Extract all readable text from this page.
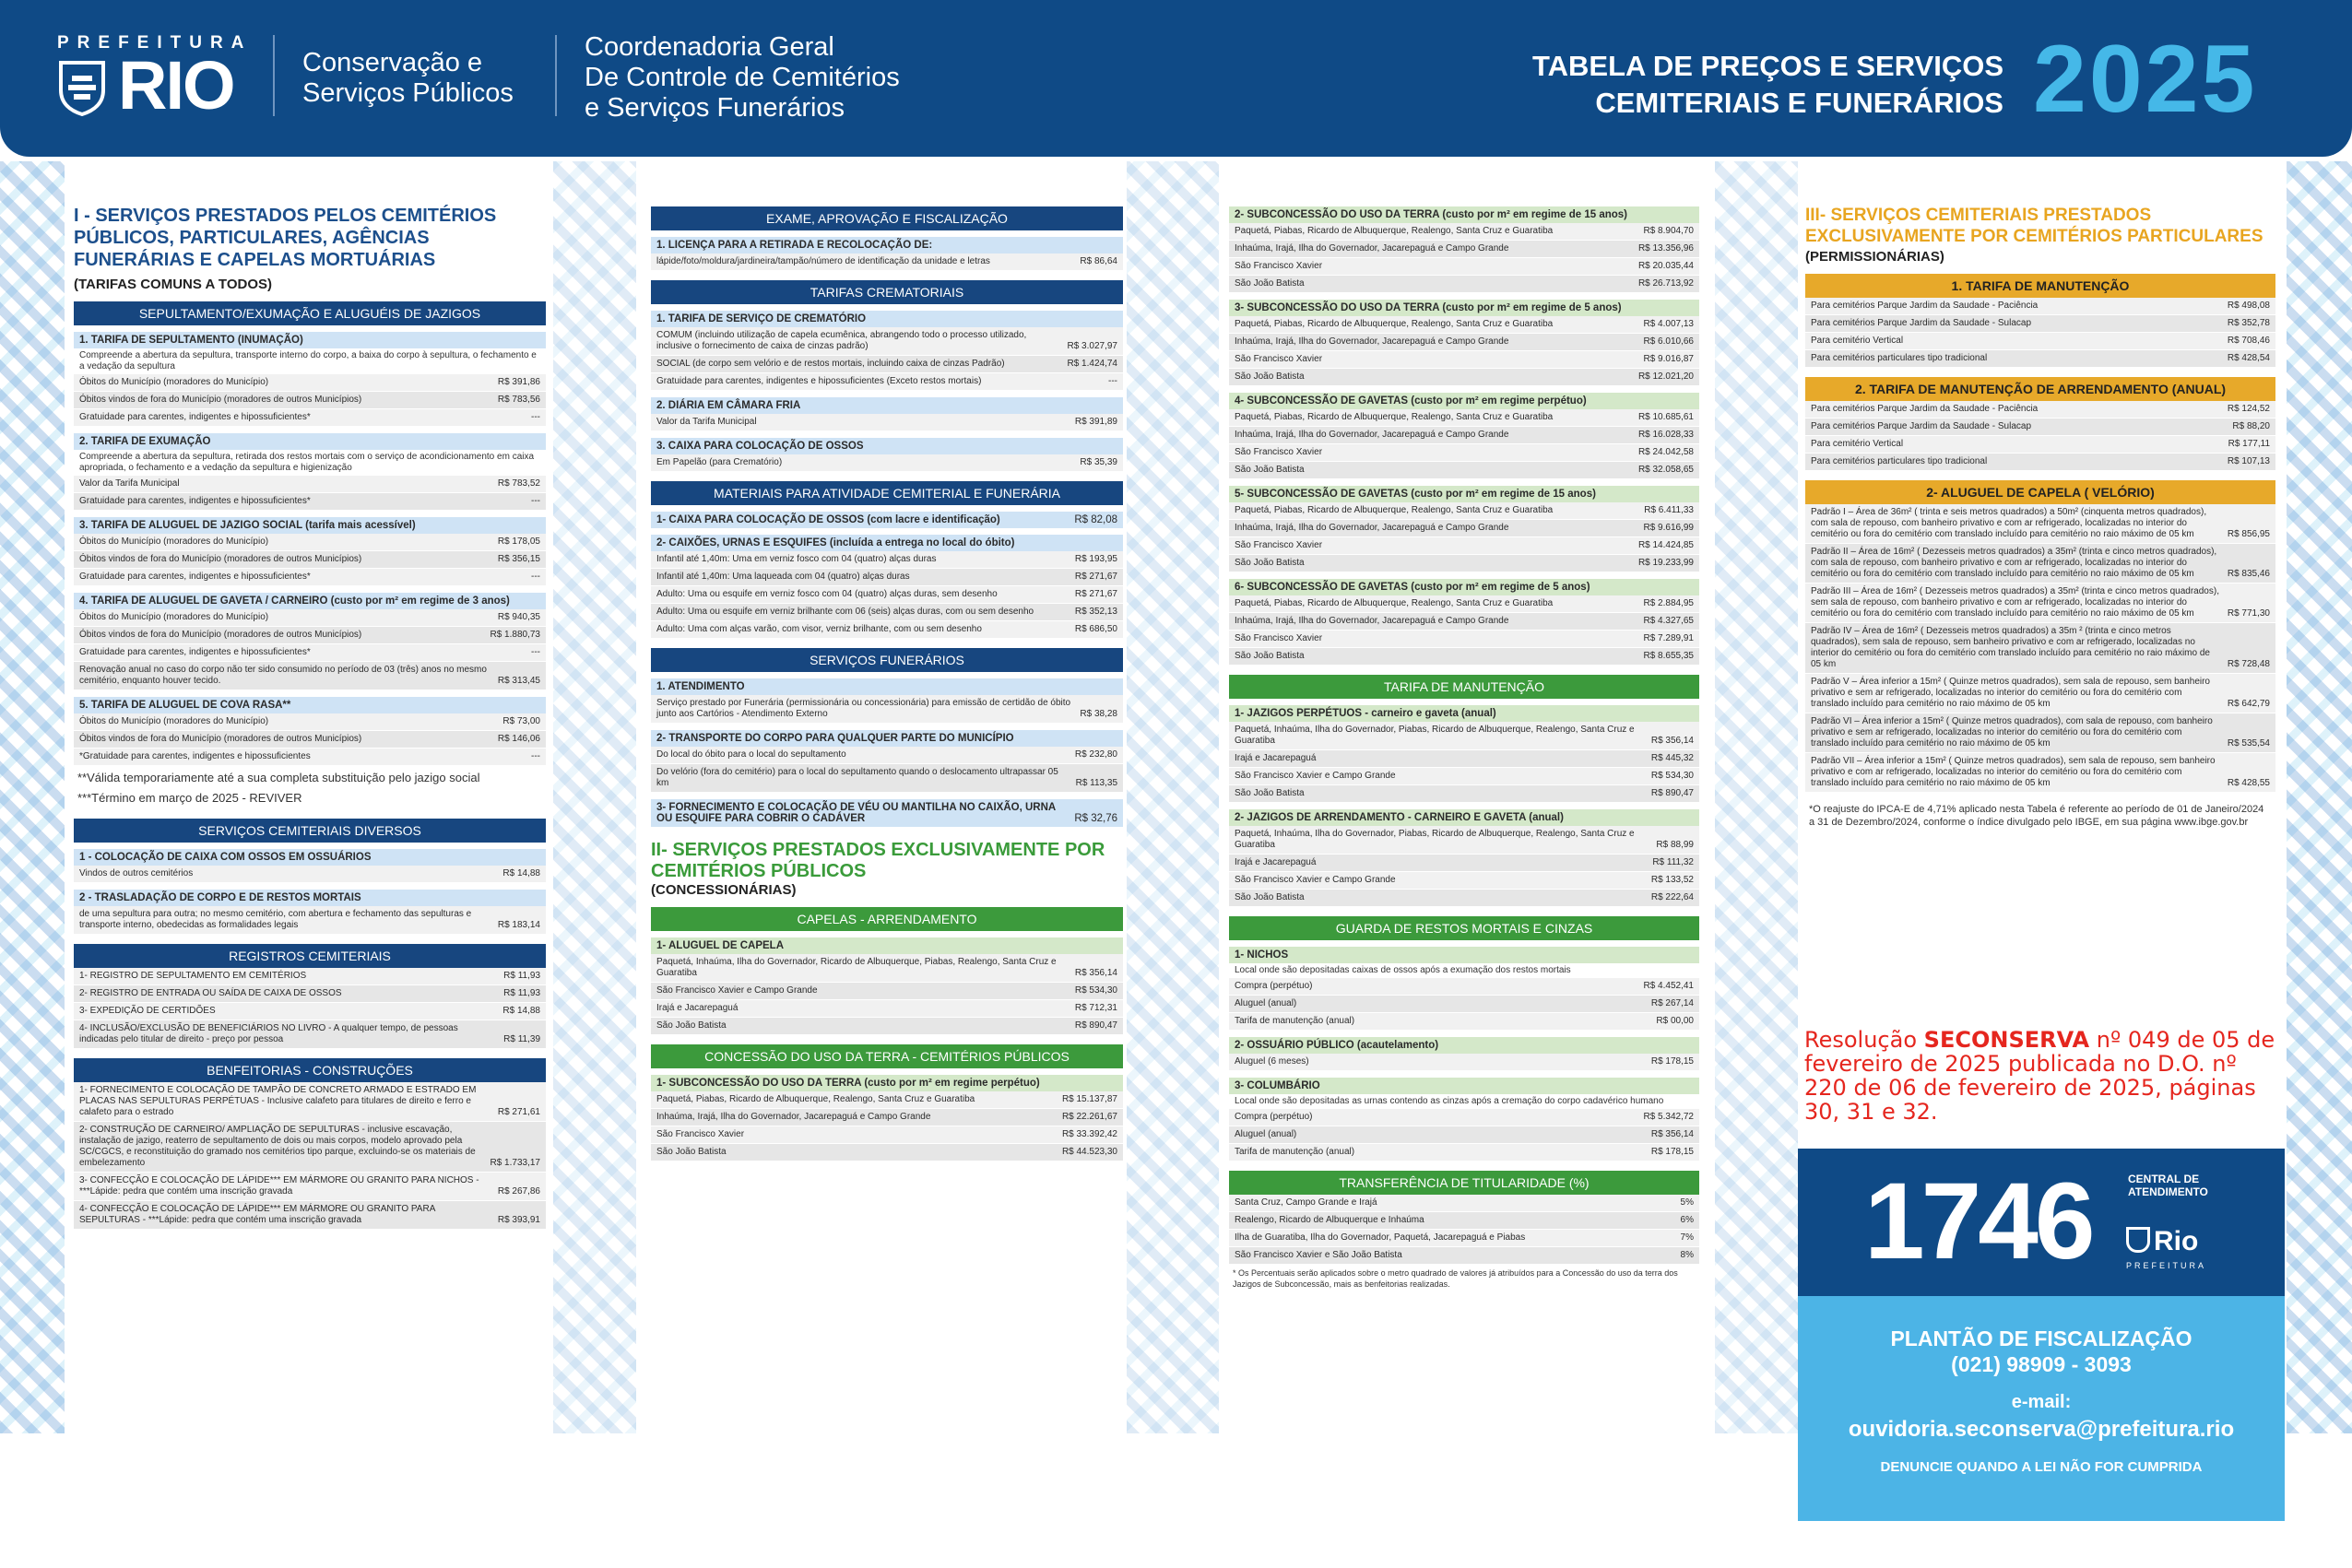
PREFEITURA
RIO	Conservação e
Serviços Públicos
Coordenadoria Geral
De Controle de Cemitérios
e Serviços Funerários
TABELA DE PREÇOS E SERVIÇOS
CEMITERIAIS E FUNERÁRIOS 2025
I - SERVIÇOS PRESTADOS PELOS CEMITÉRIOS PÚBLICOS, PARTICULARES, AGÊNCIAS FUNERÁRIAS E CAPELAS MORTUÁRIAS
(TARIFAS COMUNS A TODOS)
SEPULTAMENTO/EXUMAÇÃO E ALUGUÉIS DE JAZIGOS
1. TARIFA DE SEPULTAMENTO (INUMAÇÃO)
Compreende a abertura da sepultura, transporte interno do corpo, a baixa do corpo à sepultura, o fechamento e a vedação da sepultura
Óbitos do Município (moradores do Município)	R$ 391,86
Óbitos vindos de fora do Município (moradores de outros Municípios)	R$ 783,56
Gratuidade para carentes, indigentes e hipossuficientes*	---
2. TARIFA DE EXUMAÇÃO
Compreende a abertura da sepultura, retirada dos restos mortais com o serviço de acondicionamento em caixa apropriada, o fechamento e a vedação da sepultura e higienização
Valor da Tarifa Municipal	R$ 783,52
Gratuidade para carentes, indigentes e hipossuficientes*	---
3. TARIFA DE ALUGUEL DE JAZIGO SOCIAL (tarifa mais acessível)
Óbitos do Município (moradores do Município)	R$ 178,05
Óbitos vindos de fora do Município (moradores de outros Municípios)	R$ 356,15
Gratuidade para carentes, indigentes e hipossuficientes*	---
4. TARIFA DE ALUGUEL DE GAVETA / CARNEIRO (custo por m² em regime de 3 anos)
Óbitos do Município (moradores do Município)	R$ 940,35
Óbitos vindos de fora do Município (moradores de outros Municípios)	R$ 1.880,73
Gratuidade para carentes, indigentes e hipossuficientes*	---
Renovação anual no caso do corpo não ter sido consumido no período de 03 (três) anos no mesmo cemitério, enquanto houver tecido.	R$ 313,45
5. TARIFA DE ALUGUEL DE COVA RASA**
Óbitos do Município (moradores do Município)	R$ 73,00
Óbitos vindos de fora do Município (moradores de outros Municípios)	R$ 146,06
*Gratuidade para carentes, indigentes e hipossuficientes	---
**Válida temporariamente até a sua completa substituição pelo jazigo social
***Término em março de 2025 - REVIVER
SERVIÇOS CEMITERIAIS DIVERSOS
1 - COLOCAÇÃO DE CAIXA COM OSSOS EM OSSUÁRIOS
Vindos de outros cemitérios	R$ 14,88
2 - TRASLADAÇÃO DE CORPO E DE RESTOS MORTAIS
de uma sepultura para outra; no mesmo cemitério, com abertura e fechamento das sepulturas e transporte interno, obedecidas as formalidades legais	R$ 183,14
REGISTROS CEMITERIAIS
1- REGISTRO DE SEPULTAMENTO EM CEMITÉRIOS	R$ 11,93
2- REGISTRO DE ENTRADA OU SAÍDA DE CAIXA DE OSSOS	R$ 11,93
3- EXPEDIÇÃO DE CERTIDÕES	R$ 14,88
4- INCLUSÃO/EXCLUSÃO DE BENEFICIÁRIOS NO LIVRO - A qualquer tempo, de pessoas indicadas pelo titular de direito - preço por pessoa	R$ 11,39
BENFEITORIAS - CONSTRUÇÕES
1- FORNECIMENTO E COLOCAÇÃO DE TAMPÃO DE CONCRETO ARMADO E ESTRADO EM PLACAS NAS SEPULTURAS PERPÉTUAS - Inclusive calafeto para titulares de direito e ferro e calafeto para o estrado	R$ 271,61
2- CONSTRUÇÃO DE CARNEIRO/ AMPLIAÇÃO DE SEPULTURAS - inclusive escavação, instalação de jazigo, reaterro de sepultamento de dois ou mais corpos, modelo aprovado pela SC/CGCS, e reconstituição do gramado nos cemitérios tipo parque, excluindo-se os materiais de embelezamento	R$ 1.733,17
3- CONFECÇÃO E COLOCAÇÃO DE LÁPIDE*** EM MÁRMORE OU GRANITO PARA NICHOS - ***Lápide: pedra que contém uma inscrição gravada	R$ 267,86
4- CONFECÇÃO E COLOCAÇÃO DE LÁPIDE*** EM MÁRMORE OU GRANITO PARA SEPULTURAS - ***Lápide: pedra que contém uma inscrição gravada	R$ 393,91
EXAME, APROVAÇÃO E FISCALIZAÇÃO
1. LICENÇA PARA A RETIRADA E RECOLOCAÇÃO DE:
lápide/foto/moldura/jardineira/tampão/número de identificação da unidade e letras	R$ 86,64
TARIFAS CREMATORIAIS
1. TARIFA DE SERVIÇO DE CREMATÓRIO
COMUM (incluindo utilização de capela ecumênica, abrangendo todo o processo utilizado, inclusive o fornecimento de caixa de cinzas padrão)	R$ 3.027,97
SOCIAL (de corpo sem velório e de restos mortais, incluindo caixa de cinzas Padrão)	R$ 1.424,74
Gratuidade para carentes, indigentes e hipossuficientes (Exceto restos mortais)	---
2. DIÁRIA EM CÂMARA FRIA
Valor da Tarifa Municipal	R$ 391,89
3. CAIXA PARA COLOCAÇÃO DE OSSOS
Em Papelão (para Crematório)	R$ 35,39
MATERIAIS PARA ATIVIDADE CEMITERIAL E FUNERÁRIA
1- CAIXA PARA COLOCAÇÃO DE OSSOS (com lacre e identificação)	R$ 82,08
2- CAIXÕES, URNAS E ESQUIFES (incluída a entrega no local do óbito)
Infantil até 1,40m: Uma em verniz fosco com 04 (quatro) alças duras	R$ 193,95
Infantil até 1,40m: Uma laqueada com 04 (quatro) alças duras	R$ 271,67
Adulto: Uma ou esquife em verniz fosco com 04 (quatro) alças duras, sem desenho	R$ 271,67
Adulto: Uma ou esquife em verniz brilhante com 06 (seis) alças duras, com ou sem desenho	R$ 352,13
Adulto: Uma com alças varão, com visor, verniz brilhante, com ou sem desenho	R$ 686,50
SERVIÇOS FUNERÁRIOS
1. ATENDIMENTO
Serviço prestado por Funerária (permissionária ou concessionária) para emissão de certidão de óbito junto aos Cartórios - Atendimento Externo	R$ 38,28
2- TRANSPORTE DO CORPO PARA QUALQUER PARTE DO MUNICÍPIO
Do local do óbito para o local do sepultamento	R$ 232,80
Do velório (fora do cemitério) para o local do sepultamento quando o deslocamento ultrapassar 05 km	R$ 113,35
3- FORNECIMENTO E COLOCAÇÃO DE VÉU OU MANTILHA NO CAIXÃO, URNA OU ESQUIFE PARA COBRIR O CADÁVER	R$ 32,76
II- SERVIÇOS PRESTADOS EXCLUSIVAMENTE POR CEMITÉRIOS PÚBLICOS
(CONCESSIONÁRIAS)
CAPELAS - ARRENDAMENTO
1- ALUGUEL DE CAPELA
Paquetá, Inhaúma, Ilha do Governador, Ricardo de Albuquerque, Piabas, Realengo, Santa Cruz e Guaratiba	R$ 356,14
São Francisco Xavier e Campo Grande	R$ 534,30
Irajá e Jacarepaguá	R$ 712,31
São João Batista	R$ 890,47
CONCESSÃO DO USO DA TERRA - CEMITÉRIOS PÚBLICOS
1- SUBCONCESSÃO DO USO DA TERRA (custo por m² em regime perpétuo)
Paquetá, Piabas, Ricardo de Albuquerque, Realengo, Santa Cruz e Guaratiba	R$ 15.137,87
Inhaúma, Irajá, Ilha do Governador, Jacarepaguá e Campo Grande	R$ 22.261,67
São Francisco Xavier	R$ 33.392,42
São João Batista	R$ 44.523,30
2- SUBCONCESSÃO DO USO DA TERRA (custo por m² em regime de 15 anos)
Paquetá, Piabas, Ricardo de Albuquerque, Realengo, Santa Cruz e Guaratiba	R$ 8.904,70
Inhaúma, Irajá, Ilha do Governador, Jacarepaguá e Campo Grande	R$ 13.356,96
São Francisco Xavier	R$ 20.035,44
São João Batista	R$ 26.713,92
3- SUBCONCESSÃO DO USO DA TERRA (custo por m² em regime de 5 anos)
Paquetá, Piabas, Ricardo de Albuquerque, Realengo, Santa Cruz e Guaratiba	R$ 4.007,13
Inhaúma, Irajá, Ilha do Governador, Jacarepaguá e Campo Grande	R$ 6.010,66
São Francisco Xavier	R$ 9.016,87
São João Batista	R$ 12.021,20
4- SUBCONCESSÃO DE GAVETAS (custo por m² em regime perpétuo)
Paquetá, Piabas, Ricardo de Albuquerque, Realengo, Santa Cruz e Guaratiba	R$ 10.685,61
Inhaúma, Irajá, Ilha do Governador, Jacarepaguá e Campo Grande	R$ 16.028,33
São Francisco Xavier	R$ 24.042,58
São João Batista	R$ 32.058,65
5- SUBCONCESSÃO DE GAVETAS (custo por m² em regime de 15 anos)
Paquetá, Piabas, Ricardo de Albuquerque, Realengo, Santa Cruz e Guaratiba	R$ 6.411,33
Inhaúma, Irajá, Ilha do Governador, Jacarepaguá e Campo Grande	R$ 9.616,99
São Francisco Xavier	R$ 14.424,85
São João Batista	R$ 19.233,99
6- SUBCONCESSÃO DE GAVETAS (custo por m² em regime de 5 anos)
Paquetá, Piabas, Ricardo de Albuquerque, Realengo, Santa Cruz e Guaratiba	R$ 2.884,95
Inhaúma, Irajá, Ilha do Governador, Jacarepaguá e Campo Grande	R$ 4.327,65
São Francisco Xavier	R$ 7.289,91
São João Batista	R$ 8.655,35
TARIFA DE MANUTENÇÃO
1- JAZIGOS PERPÉTUOS - carneiro e gaveta (anual)
Paquetá, Inhaúma, Ilha do Governador, Piabas, Ricardo de Albuquerque, Realengo, Santa Cruz e Guaratiba	R$ 356,14
Irajá e Jacarepaguá	R$ 445,32
São Francisco Xavier e Campo Grande	R$ 534,30
São João Batista	R$ 890,47
2- JAZIGOS DE ARRENDAMENTO - CARNEIRO E GAVETA (anual)
Paquetá, Inhaúma, Ilha do Governador, Piabas, Ricardo de Albuquerque, Realengo, Santa Cruz e Guaratiba	R$ 88,99
Irajá e Jacarepaguá	R$ 111,32
São Francisco Xavier e Campo Grande	R$ 133,52
São João Batista	R$ 222,64
GUARDA DE RESTOS MORTAIS E CINZAS
1- NICHOS
Local onde são depositadas caixas de ossos após a exumação dos restos mortais
Compra (perpétuo)	R$ 4.452,41
Aluguel (anual)	R$ 267,14
Tarifa de manutenção (anual)	R$ 00,00
2- OSSUÁRIO PÚBLICO (acautelamento)
Aluguel (6 meses)	R$ 178,15
3- COLUMBÁRIO
Local onde são depositadas as urnas contendo as cinzas após a cremação do corpo cadavérico humano
Compra (perpétuo)	R$ 5.342,72
Aluguel (anual)	R$ 356,14
Tarifa de manutenção (anual)	R$ 178,15
TRANSFERÊNCIA DE TITULARIDADE (%)
Santa Cruz, Campo Grande e Irajá	5%
Realengo, Ricardo de Albuquerque e Inhaúma	6%
Ilha de Guaratiba, Ilha do Governador, Paquetá, Jacarepaguá e Piabas	7%
São Francisco Xavier e São João Batista	8%
* Os Percentuais serão aplicados sobre o metro quadrado de valores já atribuídos para a Concessão do uso da terra dos Jazigos de Subconcessão, mais as benfeitorias realizadas.
III- SERVIÇOS CEMITERIAIS PRESTADOS EXCLUSIVAMENTE POR CEMITÉRIOS PARTICULARES
(PERMISSIONÁRIAS)
1. TARIFA DE MANUTENÇÃO
Para cemitérios Parque Jardim da Saudade - Paciência	R$ 498,08
Para cemitérios Parque Jardim da Saudade - Sulacap	R$ 352,78
Para cemitério Vertical	R$ 708,46
Para cemitérios particulares tipo tradicional	R$ 428,54
2. TARIFA DE MANUTENÇÃO DE ARRENDAMENTO (ANUAL)
Para cemitérios Parque Jardim da Saudade - Paciência	R$ 124,52
Para cemitérios Parque Jardim da Saudade - Sulacap	R$ 88,20
Para cemitério Vertical	R$ 177,11
Para cemitérios particulares tipo tradicional	R$ 107,13
2- ALUGUEL DE CAPELA ( VELÓRIO)
Padrão I – Área de 36m² ( trinta e seis metros quadrados) a 50m² (cinquenta metros quadrados), com sala de repouso, com banheiro privativo e com ar refrigerado, localizadas no interior do cemitério ou fora do cemitério com translado incluído para cemitério no raio máximo de 05 km	R$ 856,95
Padrão II – Área de 16m² ( Dezesseis metros quadrados) a 35m² (trinta e cinco metros quadrados), com sala de repouso, com banheiro privativo e com ar refrigerado, localizadas no interior do cemitério ou fora do cemitério com translado incluído para cemitério no raio máximo de 05 km	R$ 835,46
Padrão III – Área de 16m² ( Dezesseis metros quadrados) a 35m² (trinta e cinco metros quadrados), sem sala de repouso, com banheiro privativo e com ar refrigerado, localizadas no interior do cemitério ou fora do cemitério com translado incluído para cemitério no raio máximo de 05 km	R$ 771,30
Padrão IV – Área de 16m² ( Dezesseis metros quadrados) a 35m ² (trinta e cinco metros quadrados), sem sala de repouso, sem banheiro privativo e com ar refrigerado, localizadas no interior do cemitério ou fora do cemitério com translado incluído para cemitério no raio máximo de 05 km	R$ 728,48
Padrão V – Área inferior a 15m² ( Quinze metros quadrados), sem sala de repouso, sem banheiro privativo e sem ar refrigerado, localizadas no interior do cemitério ou fora do cemitério com translado incluído para cemitério no raio máximo de 05 km	R$ 642,79
Padrão VI – Área inferior a 15m² ( Quinze metros quadrados), com sala de repouso, com banheiro privativo e sem ar refrigerado, localizadas no interior do cemitério ou fora do cemitério com translado incluído para cemitério no raio máximo de 05 km	R$ 535,54
Padrão VII – Área inferior a 15m² ( Quinze metros quadrados), sem sala de repouso, sem banheiro privativo e com ar refrigerado, localizadas no interior do cemitério ou fora do cemitério com translado incluído para cemitério no raio máximo de 05 km	R$ 428,55
*O reajuste do IPCA-E de 4,71% aplicado nesta Tabela é referente ao período de 01 de Janeiro/2024 a 31 de Dezembro/2024, conforme o índice divulgado pelo IBGE, em sua página www.ibge.gov.br
Resolução SECONSERVA nº 049 de 05 de fevereiro de 2025 publicada no D.O. nº 220 de 06 de fevereiro de 2025, páginas 30, 31 e 32.
1746	CENTRAL DE
ATENDIMENTO
Rio
PREFEITURA
PLANTÃO DE FISCALIZAÇÃO
(021) 98909 - 3093
e-mail:
ouvidoria.seconserva@prefeitura.rio
DENUNCIE QUANDO A LEI NÃO FOR CUMPRIDA
